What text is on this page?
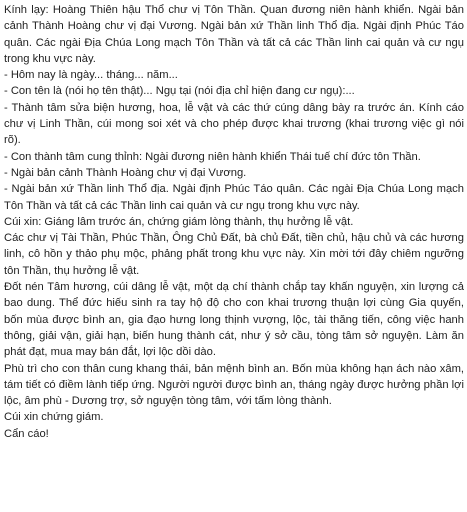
Kính lạy: Hoàng Thiên hậu Thổ chư vị Tôn Thần. Quan đương niên hành khiển. Ngài bản cảnh Thành Hoàng chư vị đại Vương. Ngài bản xứ Thần linh Thổ địa. Ngài định Phúc Táo quân. Các ngài Địa Chúa Long mạch Tôn Thần và tất cả các Thần linh cai quản và cư ngụ trong khu vực này.

- Hôm nay là ngày... tháng... năm...

- Con tên là (nói họ tên thật)... Ngụ tại (nói địa chỉ hiện đang cư ngụ):...

- Thành tâm sửa biện hương, hoa, lễ vật và các thứ cúng dâng bày ra trước án. Kính cáo chư vị Linh Thần, cúi mong soi xét và cho phép được khai trương (khai trương việc gì nói rõ).

- Con thành tâm cung thỉnh: Ngài đương niên hành khiển Thái tuế chí đức tôn Thần.

- Ngài bản cảnh Thành Hoàng chư vị đại Vương.

- Ngài bản xứ Thần linh Thổ địa. Ngài định Phúc Táo quân. Các ngài Địa Chúa Long mạch Tôn Thần và tất cả các Thần linh cai quản và cư ngụ trong khu vực này.

Cúi xin: Giáng lâm trước án, chứng giám lòng thành, thụ hưởng lễ vật.

Các chư vị Tài Thần, Phúc Thần, Ông Chủ Đất, bà chủ Đất, tiền chủ, hậu chủ và các hương linh, cô hồn y thảo phụ mộc, phảng phất trong khu vực này. Xin mời tới đây chiêm ngưỡng tôn Thần, thụ hưởng lễ vật.

Đốt nén Tâm hương, cúi dâng lễ vật, một dạ chí thành chắp tay khấn nguyện, xin lượng cả bao dung. Thể đức hiếu sinh ra tay hộ độ cho con khai trương thuận lợi cùng Gia quyến, bốn mùa được bình an, gia đạo hưng long thịnh vượng, lộc, tài thăng tiến, công việc hanh thông, giải vận, giải hạn, biến hung thành cát, như ý sở cầu, tòng tâm sở nguyện. Làm ăn phát đạt, mua may bán đắt, lợi lộc dồi dào.

Phù trì cho con thân cung khang thái, bản mệnh bình an. Bốn mùa không hạn ách nào xâm, tám tiết có điềm lành tiếp ứng. Người người được bình an, tháng ngày được hưởng phần lợi lộc, âm phù - Dương trợ, sở nguyện tòng tâm, với tấm lòng thành.

Cúi xin chứng giám.

Cẩn cáo!
